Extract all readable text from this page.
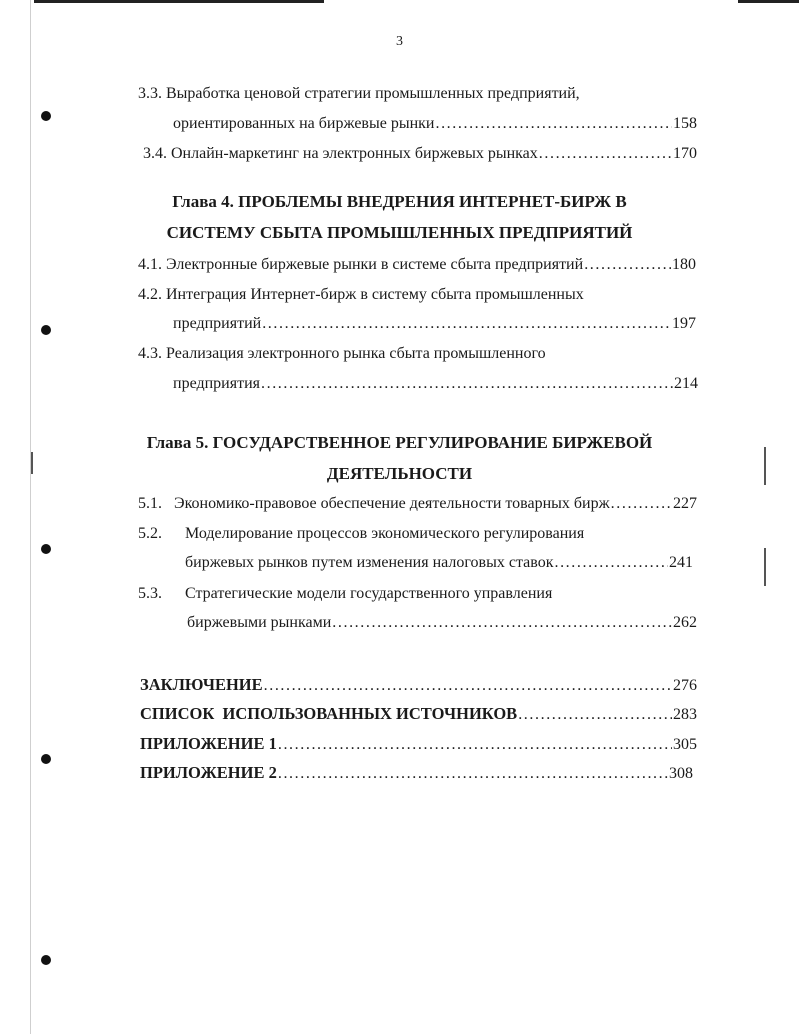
3
3.3. Выработка ценовой стратегии промышленных предприятий,
ориентированных на биржевые рынки . . .	158
3.4. Онлайн-маркетинг на электронных биржевых рынках . . .	170
Глава 4. ПРОБЛЕМЫ ВНЕДРЕНИЯ ИНТЕРНЕТ-БИРЖ В
СИСТЕМУ СБЫТА ПРОМЫШЛЕННЫХ ПРЕДПРИЯТИЙ
4.1. Электронные биржевые рынки в системе сбыта предприятий . . .	180
4.2. Интеграция Интернет-бирж в систему сбыта промышленных
предприятий . . .	197
4.3. Реализация электронного рынка сбыта промышленного
предприятия . . .	214
Глава 5. ГОСУДАРСТВЕННОЕ РЕГУЛИРОВАНИЕ БИРЖЕВОЙ
ДЕЯТЕЛЬНОСТИ
5.1. Экономико-правовое обеспечение деятельности товарных бирж . . .	227
5.2. Моделирование процессов экономического регулирования
биржевых рынков путем изменения налоговых ставок . . .	241
5.3. Стратегические модели государственного управления
биржевыми рынками . . .	262
ЗАКЛЮЧЕНИЕ . . .	276
СПИСОК  ИСПОЛЬЗОВАННЫХ ИСТОЧНИКОВ . . .	283
ПРИЛОЖЕНИЕ 1 . . .	305
ПРИЛОЖЕНИЕ 2 . . .	308
